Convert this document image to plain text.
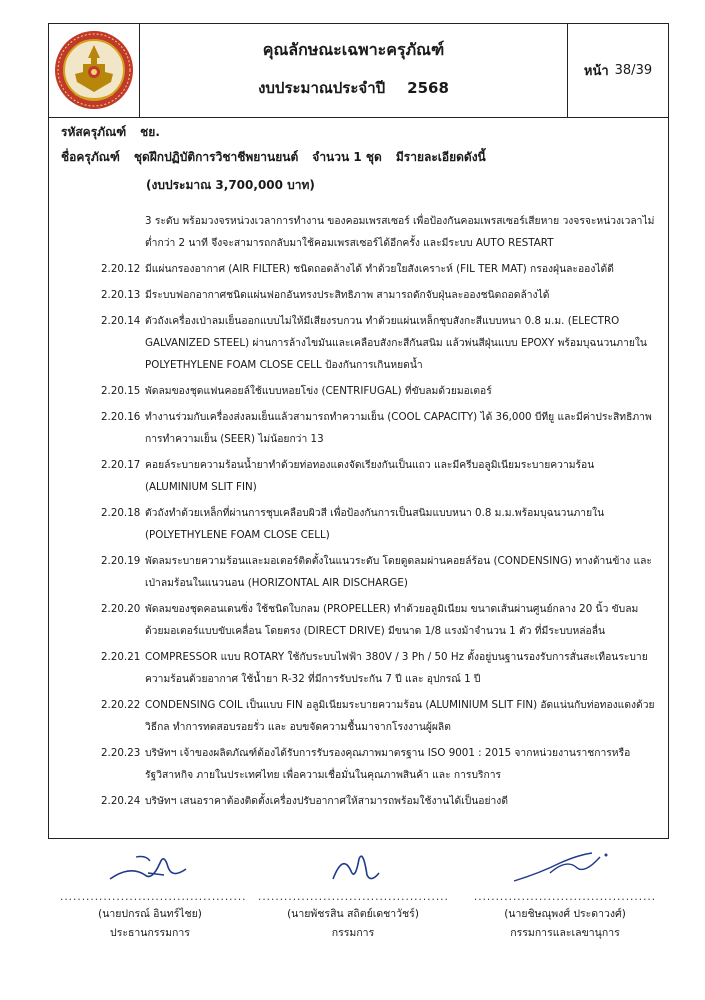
คุณลักษณะเฉพาะครุภัณฑ์
งบประมาณประจำปี 2568
หน้า 38/39
รหัสครุภัณฑ์ ชย.
ชื่อครุภัณฑ์ ชุดฝึกปฏิบัติการวิชาชีพยานยนต์ จำนวน 1 ชุด มีรายละเอียดดังนี้
(งบประมาณ 3,700,000 บาท)
3 ระดับ พร้อมวงจรหน่วงเวลาการทำงาน ของคอมเพรสเซอร์ เพื่อป้องกันคอมเพรสเซอร์เสียหาย วงจรจะหน่วงเวลาไม่ต่ำกว่า 2 นาที จึงจะสามารถกลับมาใช้คอมเพรสเซอร์ได้อีกครั้ง และมีระบบ AUTO RESTART
2.20.12 มีแผ่นกรองอากาศ (AIR FILTER) ชนิดถอดล้างได้ ทำด้วยใยสังเคราะห์ (FIL TER MAT) กรองฝุ่นละอองได้ดี
2.20.13 มีระบบฟอกอากาศชนิดแผ่นฟอกอันทรงประสิทธิภาพ สามารถดักจับฝุ่นละอองชนิดถอดล้างได้
2.20.14 ตัวถังเครื่องเป่าลมเย็นออกแบบไม่ให้มีเสียงรบกวน ทำด้วยแผ่นเหล็กชุบสังกะสีแบบหนา 0.8 ม.ม. (ELECTRO GALVANIZED STEEL) ผ่านการล้างไขมันและเคลือบสังกะสีกันสนิม แล้วพ่นสีฝุ่นแบบ EPOXY พร้อมบุฉนวนภายใน POLYETHYLENE FOAM CLOSE CELL ป้องกันการเกินหยดน้ำ
2.20.15 พัดลมของชุดแฟนคอยล์ใช้แบบหอยโข่ง (CENTRIFUGAL) ที่ขับลมด้วยมอเตอร์
2.20.16 ทำงานร่วมกับเครื่องส่งลมเย็นแล้วสามารถทำความเย็น (COOL CAPACITY) ได้ 36,000 บีทียู และมีค่าประสิทธิภาพการทำความเย็น (SEER) ไม่น้อยกว่า 13
2.20.17 คอยล์ระบายความร้อนน้ำยาทำด้วยท่อทองแดงจัดเรียงกันเป็นแถว และมีครีบอลูมิเนียมระบายความร้อน (ALUMINIUM SLIT FIN)
2.20.18 ตัวถังทำด้วยเหล็กที่ผ่านการชุบเคลือบผิวสี เพื่อป้องกันการเป็นสนิมแบบหนา 0.8 ม.ม.พร้อมบุฉนวนภายใน (POLYETHYLENE FOAM CLOSE CELL)
2.20.19 พัดลมระบายความร้อนและมอเตอร์ติดตั้งในแนวระดับ โดยดูดลมผ่านคอยล์ร้อน (CONDENSING) ทางด้านข้าง และเป่าลมร้อนในแนวนอน (HORIZONTAL AIR DISCHARGE)
2.20.20 พัดลมของชุดคอนเดนซิ่ง ใช้ชนิดใบกลม (PROPELLER) ทำด้วยอลูมิเนียม ขนาดเส้นผ่านศูนย์กลาง 20 นิ้ว ขับลมด้วยมอเตอร์แบบขับเคลื่อน โดยตรง (DIRECT DRIVE) มีขนาด 1/8 แรงม้าจำนวน 1 ตัว ที่มีระบบหล่อลื่น
2.20.21 COMPRESSOR แบบ ROTARY ใช้กับระบบไฟฟ้า 380V / 3 Ph / 50 Hz ตั้งอยู่บนฐานรองรับการสั่นสะเทือนระบายความร้อนด้วยอากาศ ใช้น้ำยา R-32 ที่มีการรับประกัน 7 ปี และ อุปกรณ์ 1 ปี
2.20.22 CONDENSING COIL เป็นแบบ FIN อลูมิเนียมระบายความร้อน (ALUMINIUM SLIT FIN) อัดแน่นกับท่อทองแดงด้วยวิธีกล ทำการทดสอบรอยรั่ว และ อบขจัดความชื้นมาจากโรงงานผู้ผลิต
2.20.23 บริษัทฯ เจ้าของผลิตภัณฑ์ต้องได้รับการรับรองคุณภาพมาตรฐาน ISO 9001 : 2015 จากหน่วยงานราชการหรือรัฐวิสาหกิจ ภายในประเทศไทย เพื่อความเชื่อมั่นในคุณภาพสินค้า และ การบริการ
2.20.24 บริษัทฯ เสนอราคาต้องติดตั้งเครื่องปรับอากาศให้สามารถพร้อมใช้งานได้เป็นอย่างดี
...........................................
(นายปกรณ์ อินทร์ไชย)
ประธานกรรมการ
............................................
(นายพัชรสิน สถิตย์เดชาวัชร์)
กรรมการ
..........................................
(นายชิษณุพงศ์ ประดาวงศ์)
กรรมการและเลขานุการ
